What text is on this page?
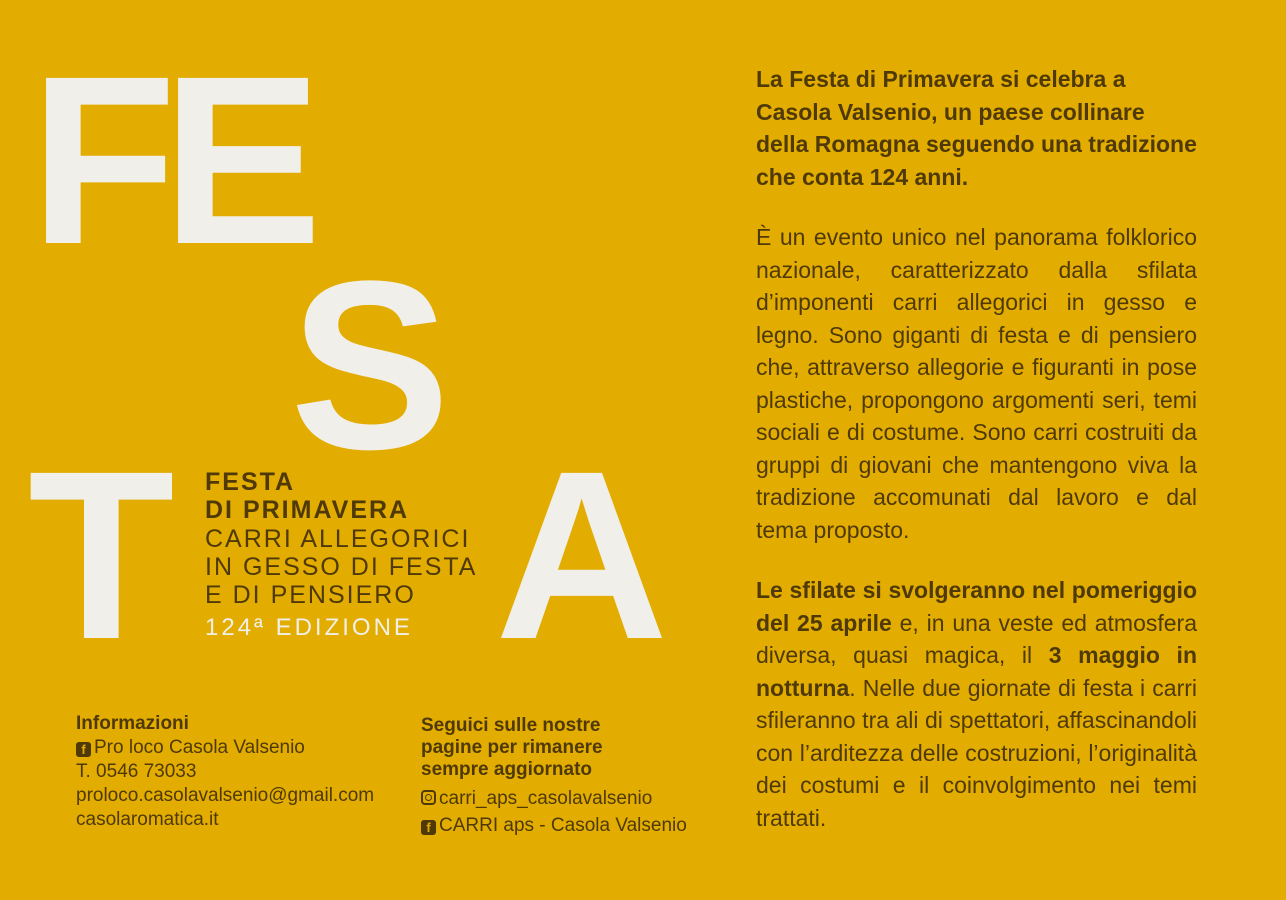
F
E
S
T A
FESTA
DI PRIMAVERA
CARRI ALLEGORICI
IN GESSO DI FESTA
E DI PENSIERO
124ª EDIZIONE
Informazioni
f Pro loco Casola Valsenio
T. 0546 73033
proloco.casolavalsenio@gmail.com
casolaromatica.it
Seguici sulle nostre
pagine per rimanere
sempre aggiornato
carri_aps_casolavalsenio
f CARRI aps - Casola Valsenio

La Festa di Primavera si celebra a Casola Valsenio, un paese collinare della Romagna seguendo una tradizione che conta 124 anni.

È un evento unico nel panorama folklorico nazionale, caratterizzato dalla sfilata d’imponenti carri allegorici in gesso e legno. Sono giganti di festa e di pensiero che, attraverso allegorie e figuranti in pose plastiche, propongono argomenti seri, temi sociali e di costume. Sono carri costruiti da gruppi di giovani che mantengono viva la tradizione accomunati dal lavoro e dal tema proposto.

Le sfilate si svolgeranno nel pomeriggio del 25 aprile e, in una veste ed atmosfera diversa, quasi magica, il 3 maggio in notturna. Nelle due giornate di festa i carri sfileranno tra ali di spettatori, affascinandoli con l’arditezza delle costruzioni, l’originalità dei costumi e il coinvolgimento nei temi trattati.
